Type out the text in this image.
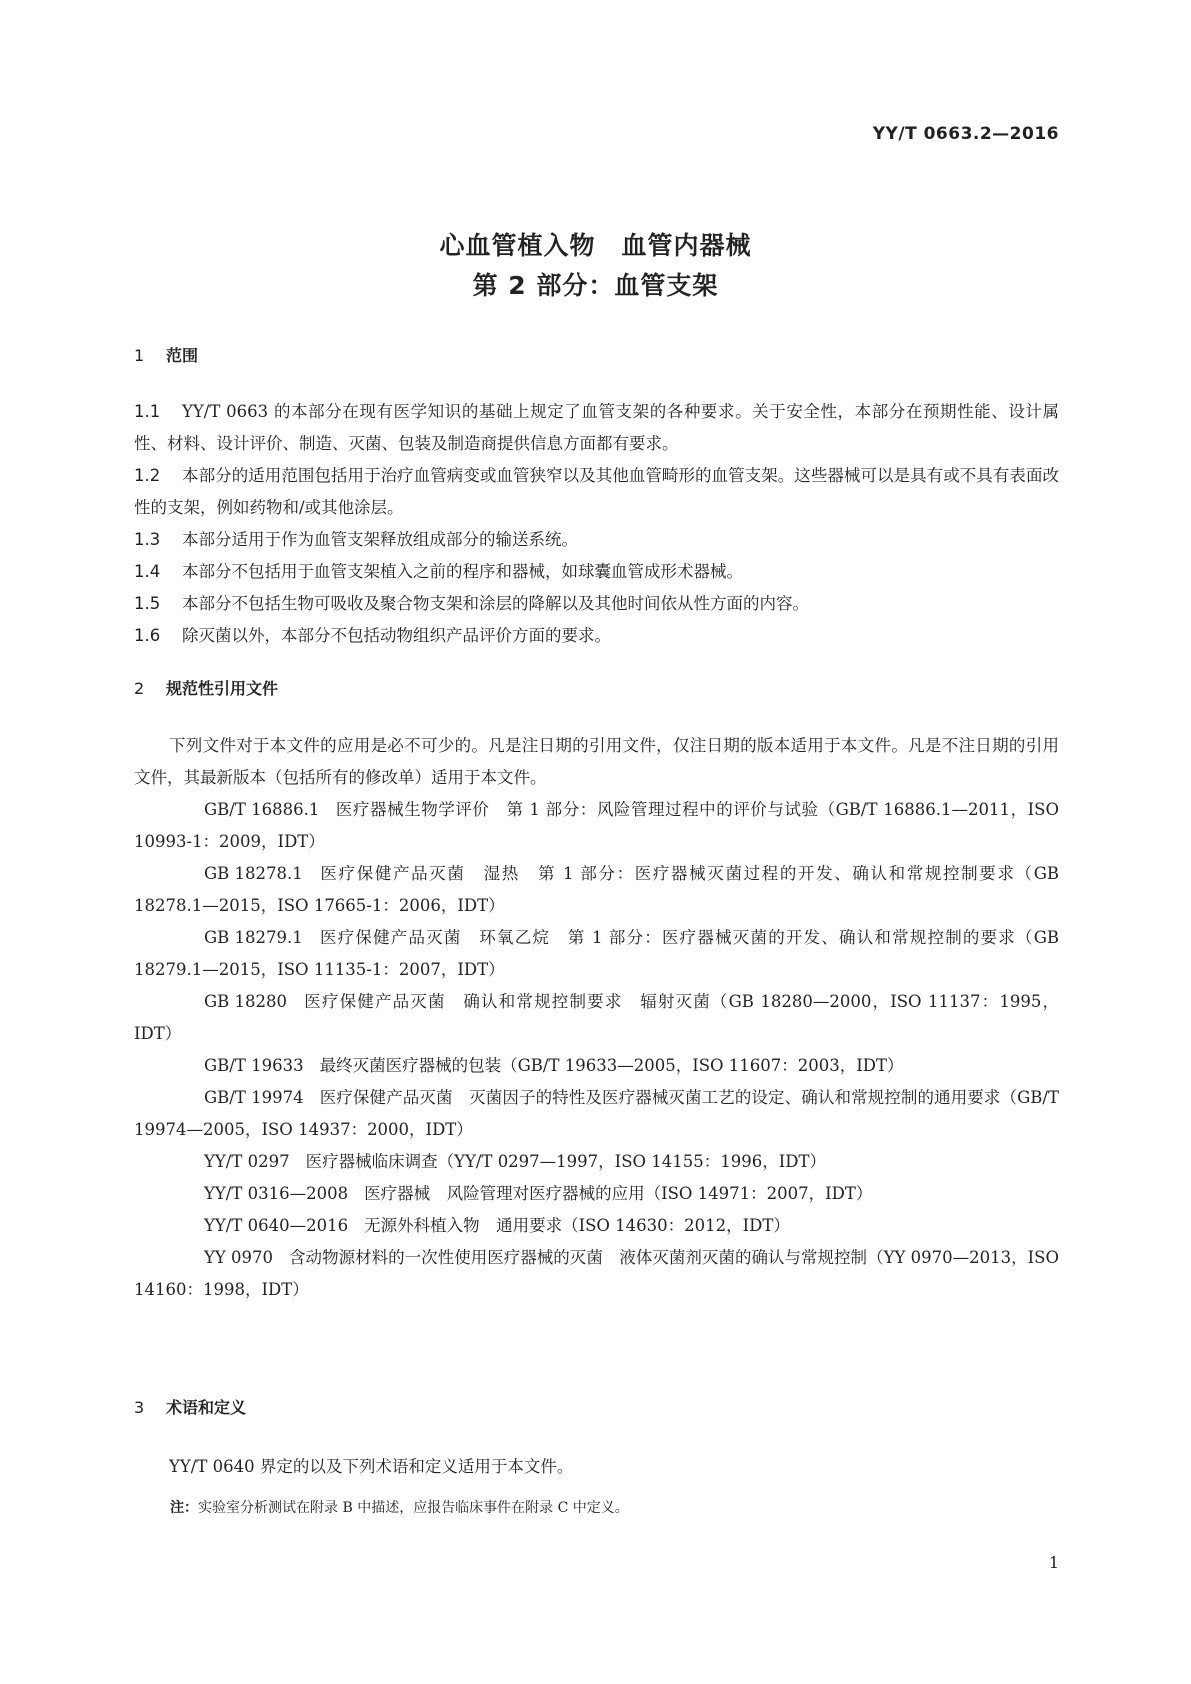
YY/T 0663.2—2016
心血管植入物　血管内器械
第 2 部分：血管支架
1 范围

1.1 YY/T 0663 的本部分在现有医学知识的基础上规定了血管支架的各种要求。关于安全性，本部分在预期性能、设计属性、材料、设计评价、制造、灭菌、包装及制造商提供信息方面都有要求。

1.2 本部分的适用范围包括用于治疗血管病变或血管狭窄以及其他血管畸形的血管支架。这些器械可以是具有或不具有表面改性的支架，例如药物和/或其他涂层。

1.3 本部分适用于作为血管支架释放组成部分的输送系统。

1.4 本部分不包括用于血管支架植入之前的程序和器械，如球囊血管成形术器械。

1.5 本部分不包括生物可吸收及聚合物支架和涂层的降解以及其他时间依从性方面的内容。

1.6 除灭菌以外，本部分不包括动物组织产品评价方面的要求。

2 规范性引用文件

下列文件对于本文件的应用是必不可少的。凡是注日期的引用文件，仅注日期的版本适用于本文件。凡是不注日期的引用文件，其最新版本（包括所有的修改单）适用于本文件。

GB/T 16886.1 医疗器械生物学评价　第 1 部分：风险管理过程中的评价与试验（GB/T 16886.1—2011，ISO 10993-1：2009，IDT）

GB 18278.1 医疗保健产品灭菌　湿热　第 1 部分：医疗器械灭菌过程的开发、确认和常规控制要求（GB 18278.1—2015，ISO 17665-1：2006，IDT）

GB 18279.1 医疗保健产品灭菌　环氧乙烷　第 1 部分：医疗器械灭菌的开发、确认和常规控制的要求（GB 18279.1—2015，ISO 11135-1：2007，IDT）

GB 18280 医疗保健产品灭菌　确认和常规控制要求　辐射灭菌（GB 18280—2000，ISO 11137：1995，IDT）

GB/T 19633 最终灭菌医疗器械的包装（GB/T 19633—2005，ISO 11607：2003，IDT）

GB/T 19974 医疗保健产品灭菌　灭菌因子的特性及医疗器械灭菌工艺的设定、确认和常规控制的通用要求（GB/T 19974—2005，ISO 14937：2000，IDT）

YY/T 0297 医疗器械临床调查（YY/T 0297—1997，ISO 14155：1996，IDT）

YY/T 0316—2008 医疗器械　风险管理对医疗器械的应用（ISO 14971：2007，IDT）

YY/T 0640—2016 无源外科植入物　通用要求（ISO 14630：2012，IDT）

YY 0970 含动物源材料的一次性使用医疗器械的灭菌　液体灭菌剂灭菌的确认与常规控制（YY 0970—2013，ISO 14160：1998，IDT）

3 术语和定义

YY/T 0640 界定的以及下列术语和定义适用于本文件。

注：实验室分析测试在附录 B 中描述，应报告临床事件在附录 C 中定义。
1
